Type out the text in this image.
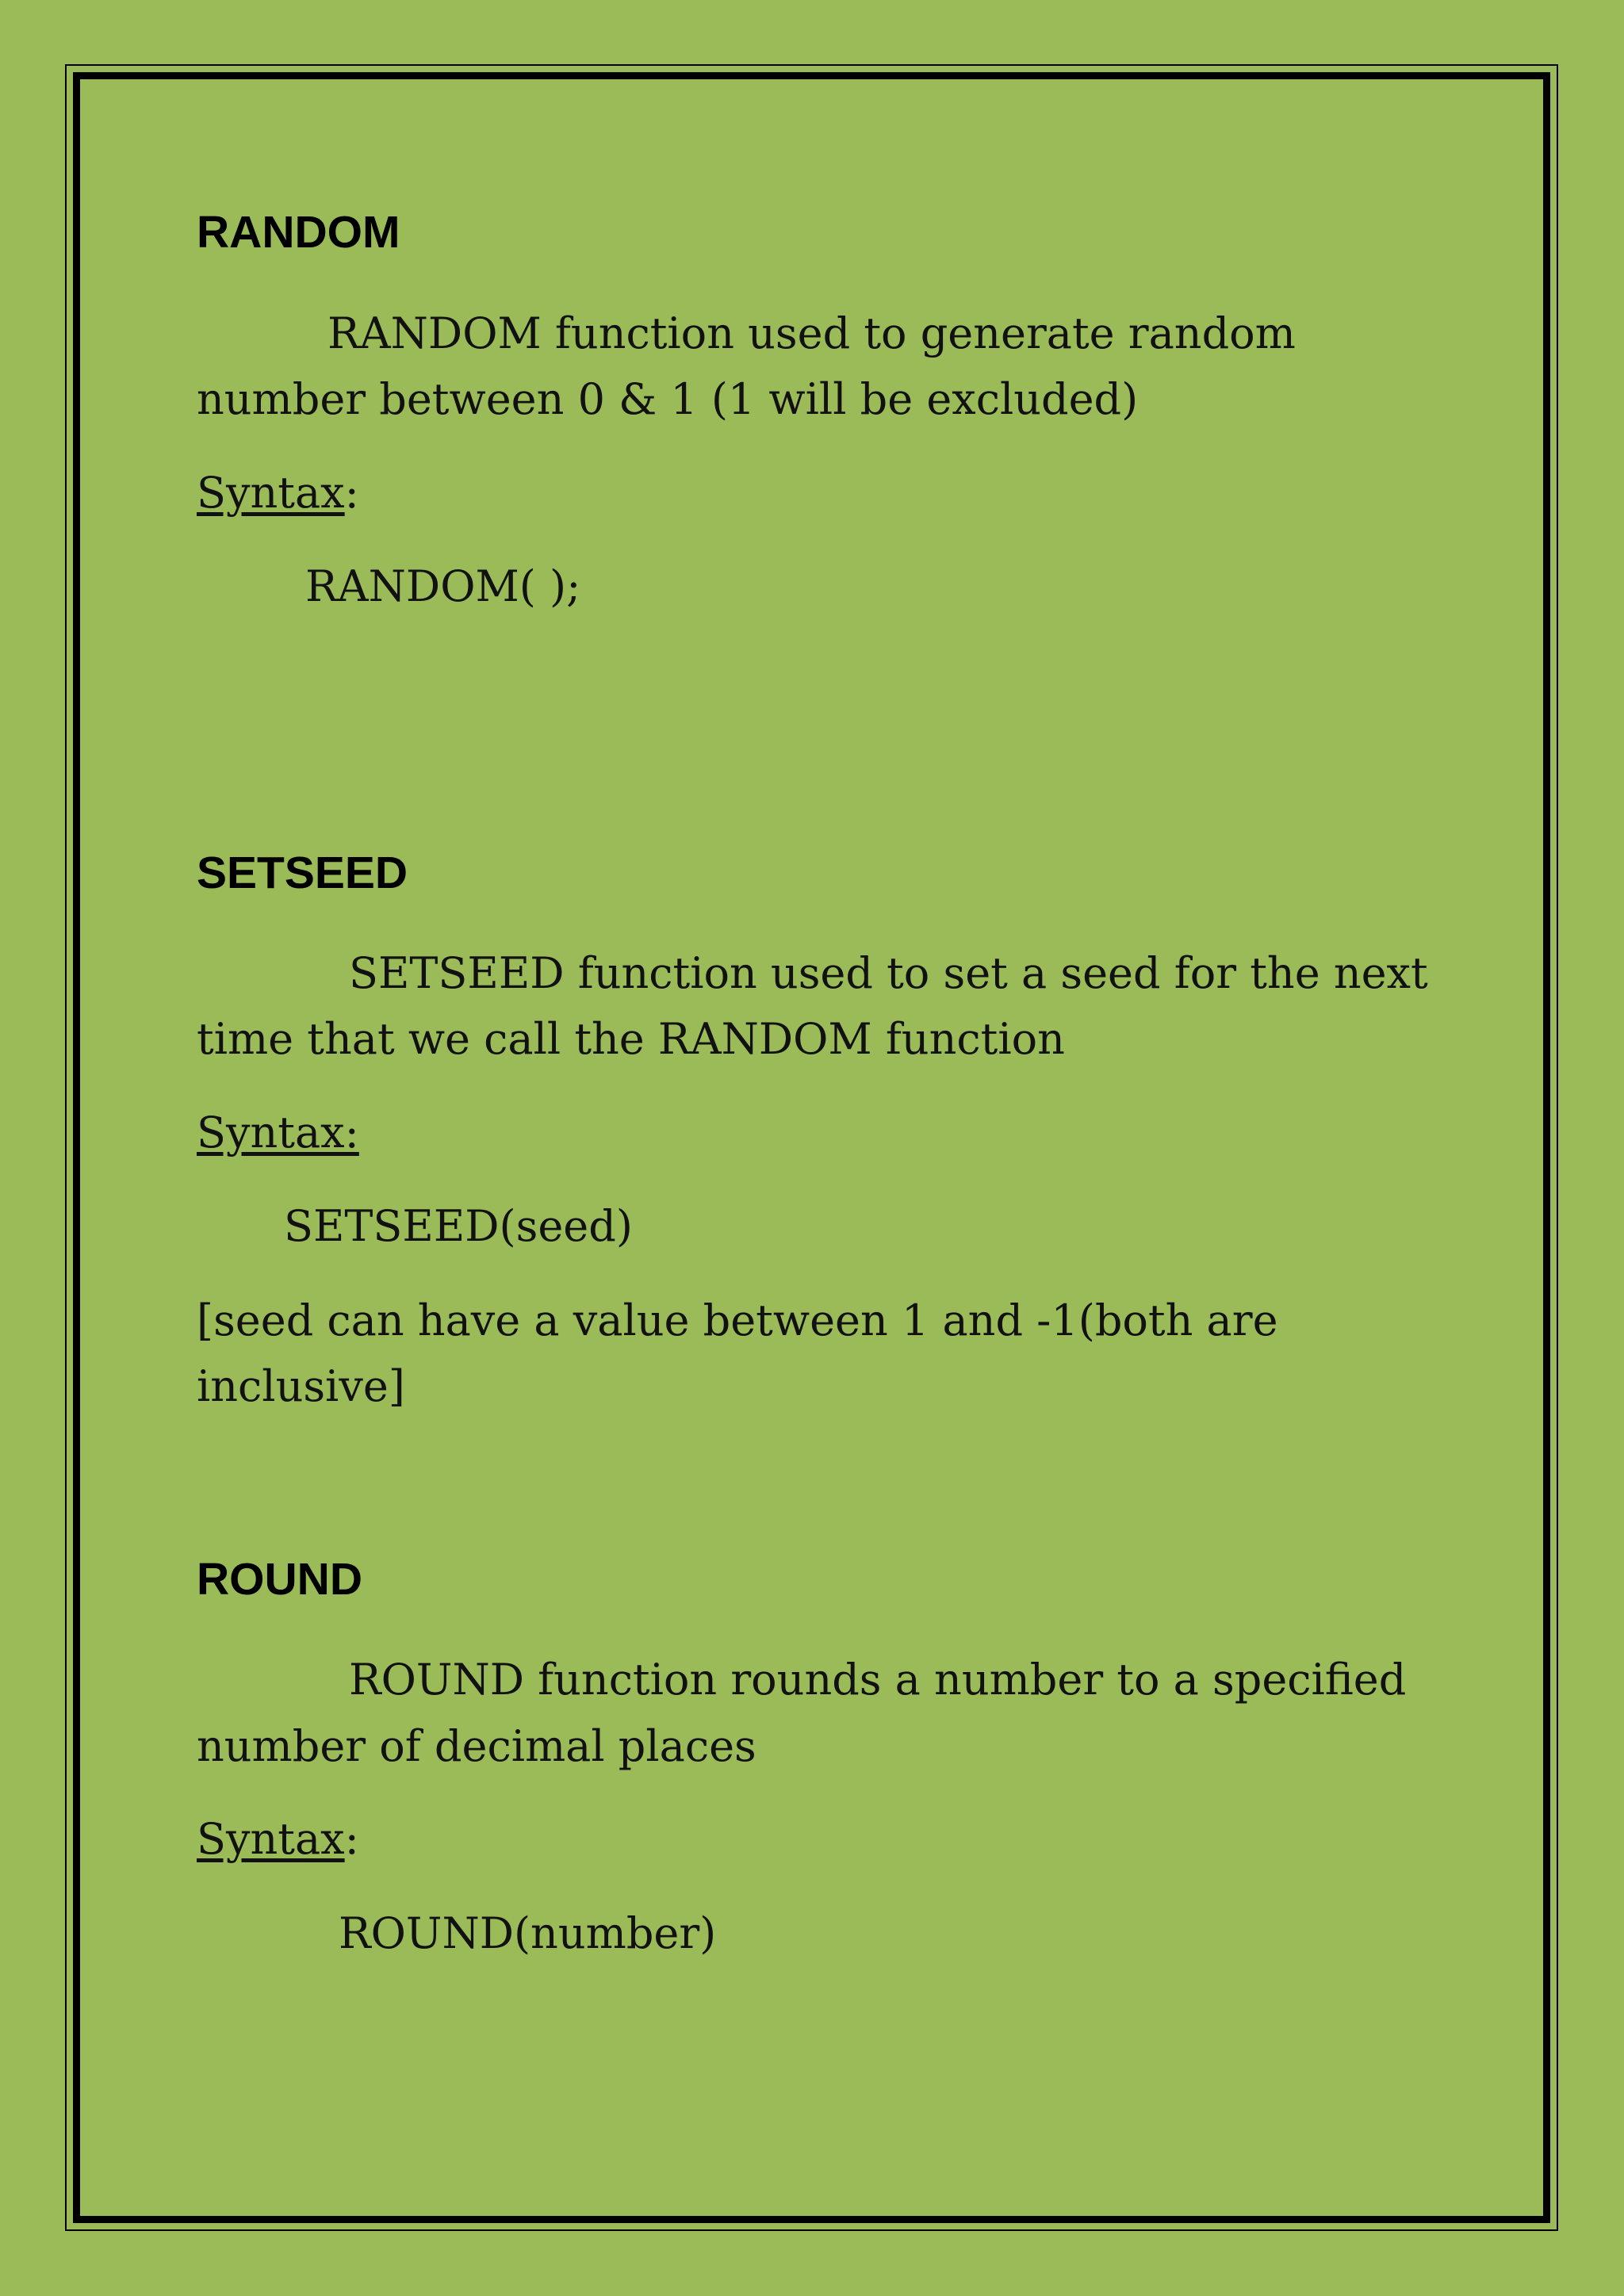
RANDOM

RANDOM function used to generate random

number between 0 & 1 (1 will be excluded)

Syntax:

RANDOM( );

SETSEED

SETSEED function used to set a seed for the next

time that we call the RANDOM function

Syntax:

SETSEED(seed)

[seed can have a value between 1 and -1(both are

inclusive]

ROUND

ROUND function rounds a number to a specified

number of decimal places

Syntax:

ROUND(number)
